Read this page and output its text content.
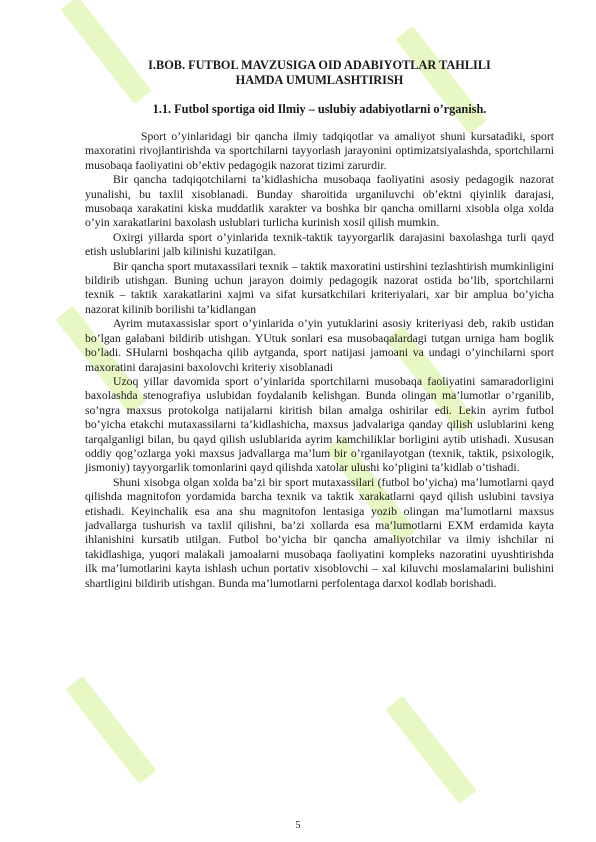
I.BOB. FUTBOL MAVZUSIGA OID ADABIYOTLAR TAHLILI
HAMDA UMUMLASHTIRISH
1.1. Futbol sportiga oid Ilmiy – uslubiy adabiyotlarni o’rganish.

Sport o’yinlaridagi bir qancha ilmiy tadqiqotlar va amaliyot shuni kursatadiki, sport maxoratini rivojlantirishda va sportchilarni tayyorlash jarayonini optimizatsiyalashda, sportchilarni musobaqa faoliyatini ob’ektiv pedagogik nazorat tizimi zarurdir.

Bir qancha tadqiqotchilarni ta’kidlashicha musobaqa faoliyatini asosiy pedagogik nazorat yunalishi, bu taxlil xisoblanadi. Bunday sharoitida urganiluvchi ob’ektni qiyinlik darajasi, musobaqa xarakatini kiska muddatlik xarakter va boshka bir qancha omillarni xisobla olga xolda o’yin xarakatlarini baxolash uslublari turlicha kurinish xosil qilish mumkin.

Oxirgi yillarda sport o’yinlarida texnik-taktik tayyorgarlik darajasini baxolashga turli qayd etish uslublarini jalb kilinishi kuzatilgan.

Bir qancha sport mutaxassilari texnik – taktik maxoratini ustirshini tezlashtirish mumkinligini bildirib utishgan. Buning uchun jarayon doimiy pedagogik nazorat ostida bo’lib, sportchilarni texnik – taktik xarakatlarini xajmi va sifat kursatkchilari kriteriyalari, xar bir amplua bo’yicha nazorat kilinib borilishi ta’kidlangan

Ayrim mutaxassislar sport o’yinlarida o’yin yutuklarini asosiy kriteriyasi deb, rakib ustidan bo’lgan galabani bildirib utishgan. YUtuk sonlari esa musobaqalardagi tutgan urniga ham boglik bo’ladi. SHularni boshqacha qilib aytganda, sport natijasi jamoani va undagi o’yinchilarni sport maxoratini darajasini baxolovchi kriteriy xisoblanadi

Uzoq yillar davomida sport o’yinlarida sportchilarni musobaqa faoliyatini samaradorligini baxolashda stenografiya uslubidan foydalanib kelishgan. Bunda olingan ma’lumotlar o’rganilib, so’ngra maxsus protokolga natijalarni kiritish bilan amalga oshirilar edi. Lekin ayrim futbol bo’yicha etakchi mutaxassilarni ta’kidlashicha, maxsus jadvalariga qanday qilish uslublarini keng tarqalganligi bilan, bu qayd qilish uslublarida ayrim kamchiliklar borligini aytib utishadi. Xususan oddiy qog’ozlarga yoki maxsus jadvallarga ma’lum bir o’rganilayotgan (texnik, taktik, psixologik, jismoniy) tayyorgarlik tomonlarini qayd qilishda xatolar ulushi ko’pligini ta’kidlab o’tishadi.

Shuni xisobga olgan xolda ba’zi bir sport mutaxassilari (futbol bo’yicha) ma’lumotlarni qayd qilishda magnitofon yordamida barcha texnik va taktik xarakatlarni qayd qilish uslubini tavsiya etishadi. Keyinchalik esa ana shu magnitofon lentasiga yozib olingan ma’lumotlarni maxsus jadvallarga tushurish va taxlil qilishni, ba’zi xollarda esa ma’lumotlarni EXM erdamida kayta ihlanishini kursatib utilgan. Futbol bo’yicha bir qancha amaliyotchilar va ilmiy ishchilar ni takidlashiga, yuqori malakali jamoalarni musobaqa faoliyatini kompleks nazoratini uyushtirishda ilk ma’lumotlarini kayta ishlash uchun portativ xisoblovchi – xal kiluvchi moslamalarini bulishini shartligini bildirib utishgan. Bunda ma’lumotlarni perfolentaga darxol kodlab borishadi.

5
